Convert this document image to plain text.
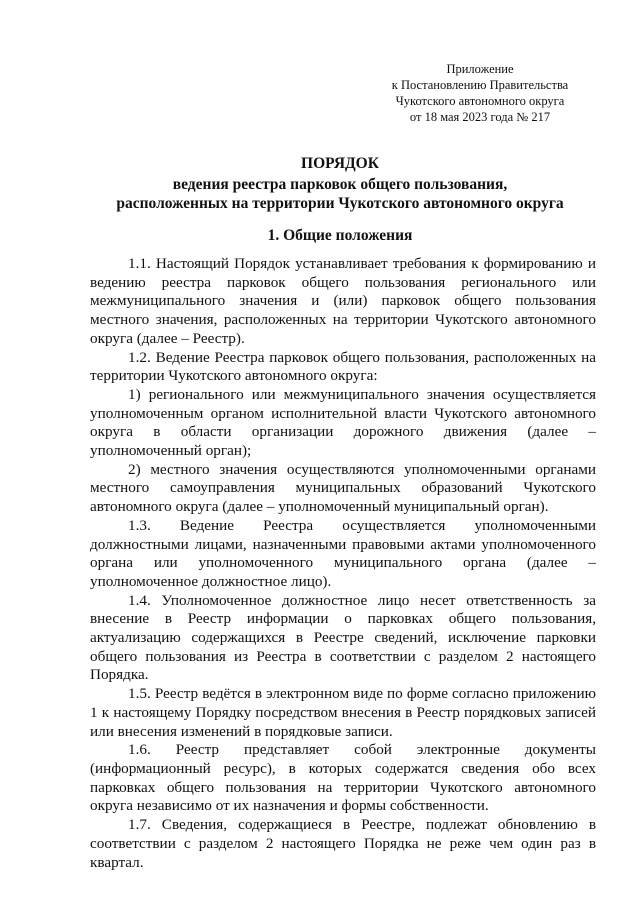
Приложение
к Постановлению Правительства
Чукотского автономного округа
от 18 мая 2023 года № 217
ПОРЯДОК
ведения реестра парковок общего пользования,
расположенных на территории Чукотского автономного округа
1. Общие положения

1.1. Настоящий Порядок устанавливает требования к формированию и ведению реестра парковок общего пользования регионального или межмуниципального значения и (или) парковок общего пользования местного значения, расположенных на территории Чукотского автономного округа (далее – Реестр).

1.2. Ведение Реестра парковок общего пользования, расположенных на территории Чукотского автономного округа:

1) регионального или межмуниципального значения осуществляется уполномоченным органом исполнительной власти Чукотского автономного округа в области организации дорожного движения (далее – уполномоченный орган);

2) местного значения осуществляются уполномоченными органами местного самоуправления муниципальных образований Чукотского автономного округа (далее – уполномоченный муниципальный орган).

1.3. Ведение Реестра осуществляется уполномоченными должностными лицами, назначенными правовыми актами уполномоченного органа или уполномоченного муниципального органа (далее – уполномоченное должностное лицо).

1.4. Уполномоченное должностное лицо несет ответственность за внесение в Реестр информации о парковках общего пользования, актуализацию содержащихся в Реестре сведений, исключение парковки общего пользования из Реестра в соответствии с разделом 2 настоящего Порядка.

1.5. Реестр ведётся в электронном виде по форме согласно приложению 1 к настоящему Порядку посредством внесения в Реестр порядковых записей или внесения изменений в порядковые записи.

1.6. Реестр представляет собой электронные документы (информационный ресурс), в которых содержатся сведения обо всех парковках общего пользования на территории Чукотского автономного округа независимо от их назначения и формы собственности.

1.7. Сведения, содержащиеся в Реестре, подлежат обновлению в соответствии с разделом 2 настоящего Порядка не реже чем один раз в квартал.
